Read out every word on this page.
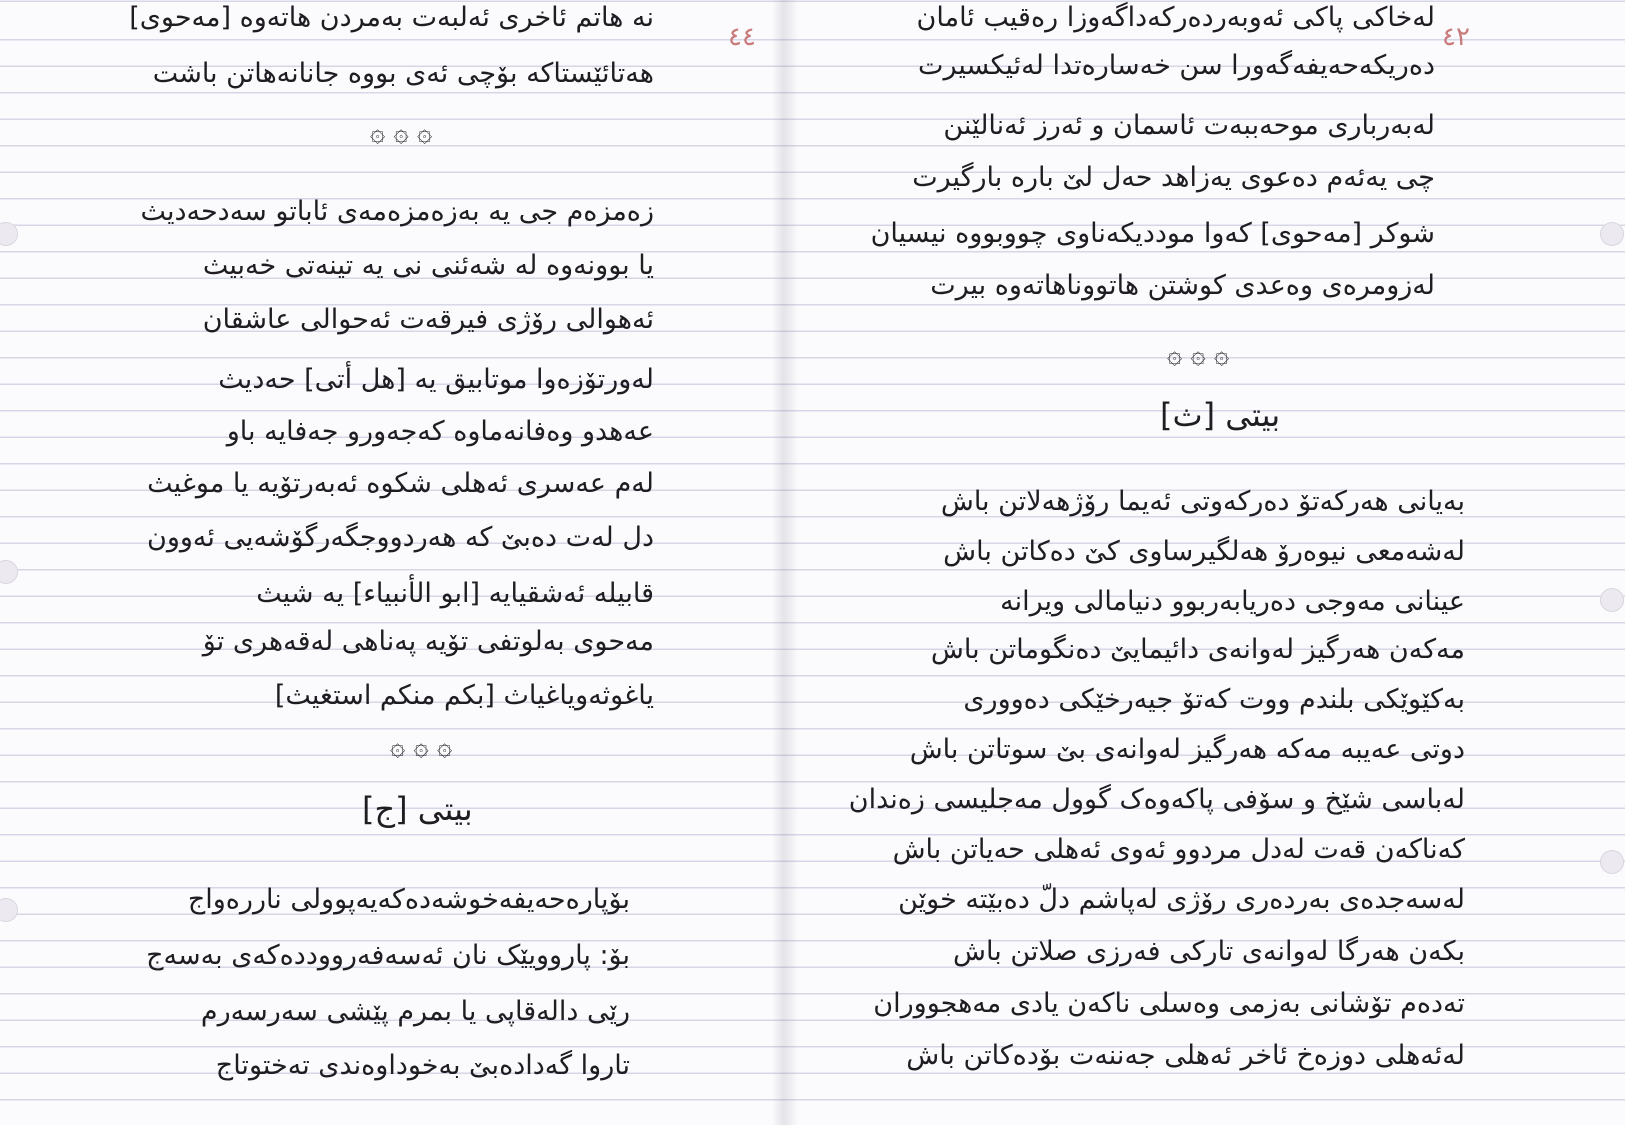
٤٤
نه هاتم ئاخری ئەلبەت بەمردن هاتەوە [مەحوی]
هەتائێستاکە بۆچی ئەی بووە جانانەهاتن باشت
۞ ۞ ۞
زەمزەم جی یە بەزەمزەمەی ئاباتو سەدحەدیث
یا بوونەوە لە شەئنی نی یە تینەتی خەبیث
ئەهوالی رۆژی فیرقەت ئەحوالی عاشقان
لەورتۆزەوا موتابیق یە [هل أتی] حەدیث
عەهدو وەفانەماوە کەجەورو جەفایە باو
لەم عەسری ئەهلی شکوە ئەبەرتۆیە یا موغیث
دل لەت دەبێ کە هەردووجگەرگۆشەیی ئەوون
قابیلە ئەشقیایە [ابو الأنبیاء] یە شیث
مەحوی بەلوتفی تۆیە پەناهی لەقەهری تۆ
یاغوثەویاغیاث [بکم منکم استغیث]
۞ ۞ ۞
بیتی [ج]
بۆپارەحەیفەخوشەدەکەیەپوولی ناررەواج
بۆ: پاروویێک نان ئەسەفەرووددەکەی بەسەج
رێی دالەقاپی یا بمرم پێشی سەرسەرم
تاروا گەدادەبێ بەخوداوەندی تەختوتاج
٤٢
لەخاکی پاکی ئەوبەردەرکەداگەوزا رەقیب ئامان
دەریکەحەیفەگەورا سن خەسارەتدا لەئیکسیرت
لەبەرباری موحەببەت ئاسمان و ئەرز ئەنالێنن
چی یەئەم دەعوی یەزاهد حەل لێ بارە بارگیرت
شوکر [مەحوی] کەوا موددیکەناوی چووبووە نیسیان
لەزومرەی وەعدی کوشتن هاتووناهاتەوە بیرت
۞ ۞ ۞
بیتی [ث]
بەیانی هەرکەتۆ دەرکەوتی ئەیما رۆژهەلاتن باش
لەشەمعی نیوەرۆ هەلگیرساوی کێ دەکاتن باش
عینانی مەوجی دەریابەربوو دنیامالی ویرانە
مەکەن هەرگیز لەوانەی دائیمایێ دەنگوماتن باش
بەکێوێکی بلندم ووت کەتۆ جیەرخێکی دەووری
دوتی عەیبە مەکە هەرگیز لەوانەی بێ سوتاتن باش
لەباسی شێخ و سۆفی پاکەوەک گوول مەجلیسی زەندان
کەناکەن قەت لەدل مردوو ئەوی ئەهلی حەیاتن باش
لەسەجدەی بەردەری رۆژی لەپاشم دلّ دەبێتە خوێن
بکەن هەرگا لەوانەی تارکی فەرزی صلاتن باش
تەدەم تۆشانی بەزمی وەسلی ناکەن یادی مەهجووران
لەئەهلی دوزەخ ئاخر ئەهلی جەننەت بۆدەکاتن باش
